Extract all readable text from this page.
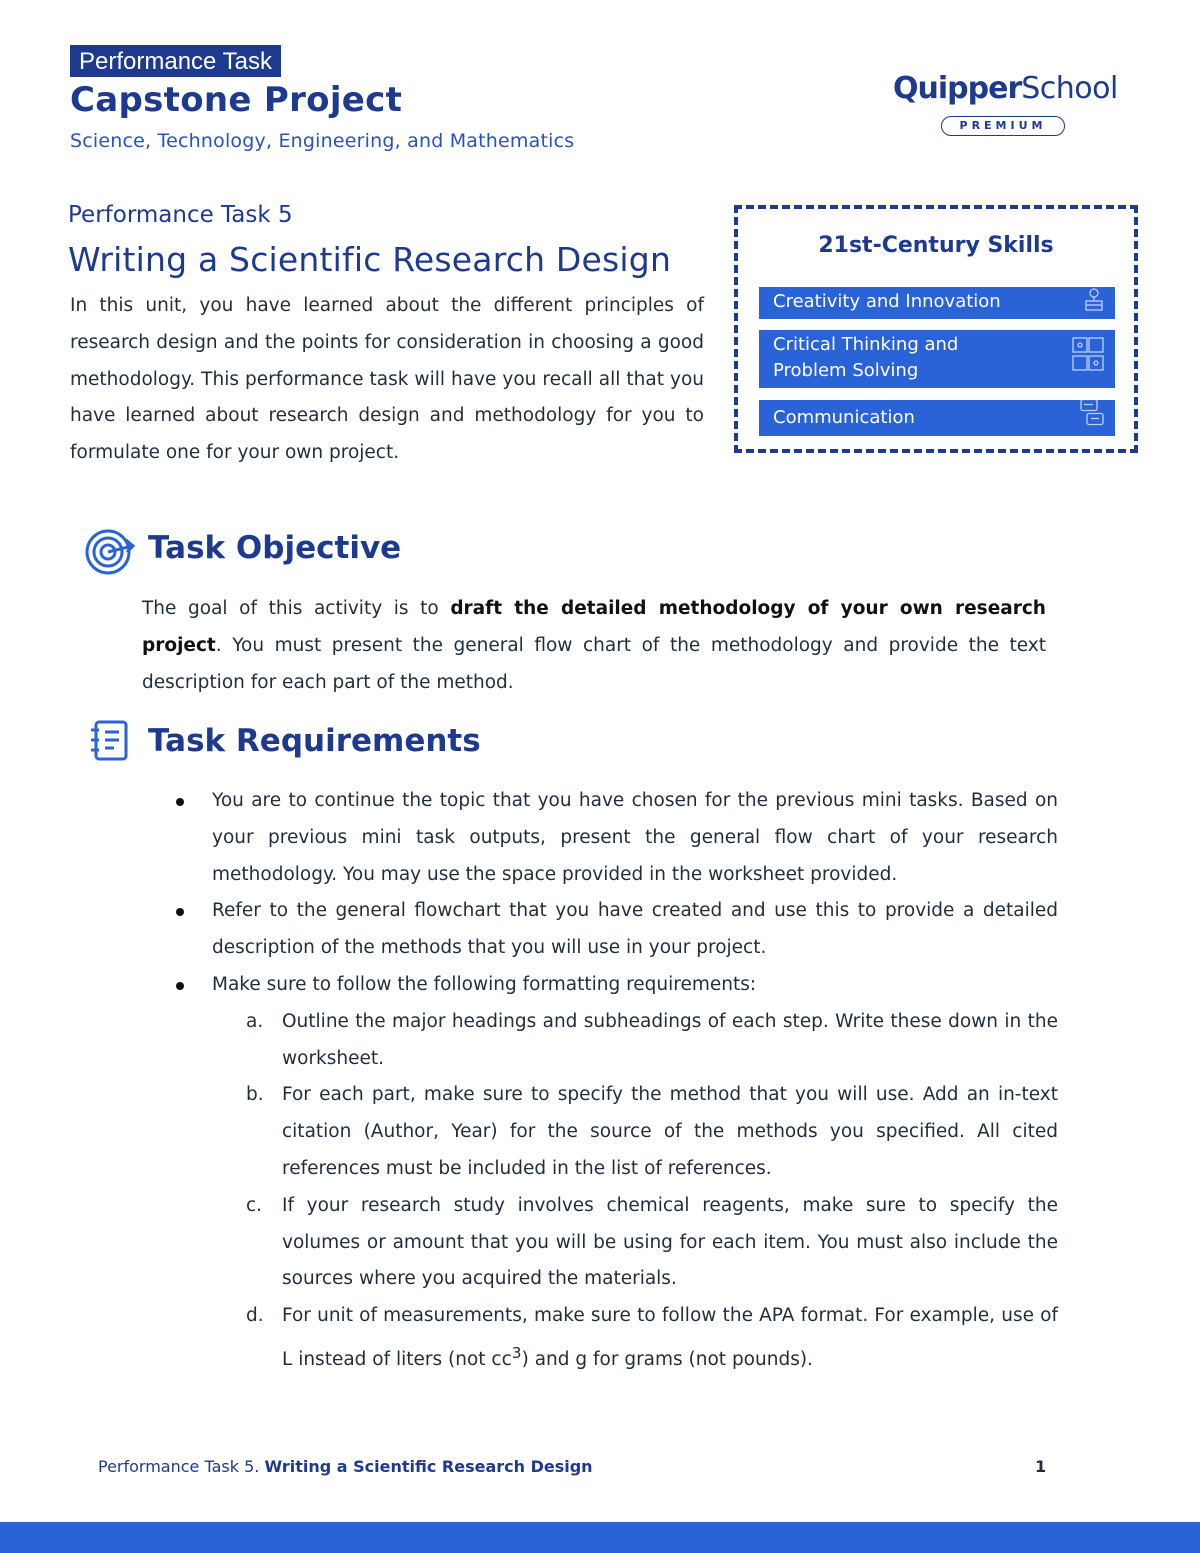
Performance Task
Capstone Project
Science, Technology, Engineering, and Mathematics
QuipperSchool
PREMIUM
Performance Task 5
Writing a Scientific Research Design

In this unit, you have learned about the different principles of research design and the points for consideration in choosing a good methodology. This performance task will have you recall all that you have learned about research design and methodology for you to formulate one for your own project.

21st-Century Skills
Creativity and Innovation
Critical Thinking and Problem Solving
Communication
Task Objective

The goal of this activity is to draft the detailed methodology of your own research project. You must present the general flow chart of the methodology and provide the text description for each part of the method.

Task Requirements
You are to continue the topic that you have chosen for the previous mini tasks. Based on your previous mini task outputs, present the general flow chart of your research methodology. You may use the space provided in the worksheet provided.
Refer to the general flowchart that you have created and use this to provide a detailed description of the methods that you will use in your project.
Make sure to follow the following formatting requirements:
a. Outline the major headings and subheadings of each step. Write these down in the worksheet.
b. For each part, make sure to specify the method that you will use. Add an in-text citation (Author, Year) for the source of the methods you specified. All cited references must be included in the list of references.
c. If your research study involves chemical reagents, make sure to specify the volumes or amount that you will be using for each item. You must also include the sources where you acquired the materials.
d. For unit of measurements, make sure to follow the APA format. For example, use of L instead of liters (not $cc^3$) and g for grams (not pounds).
Performance Task 5. Writing a Scientific Research Design	1
